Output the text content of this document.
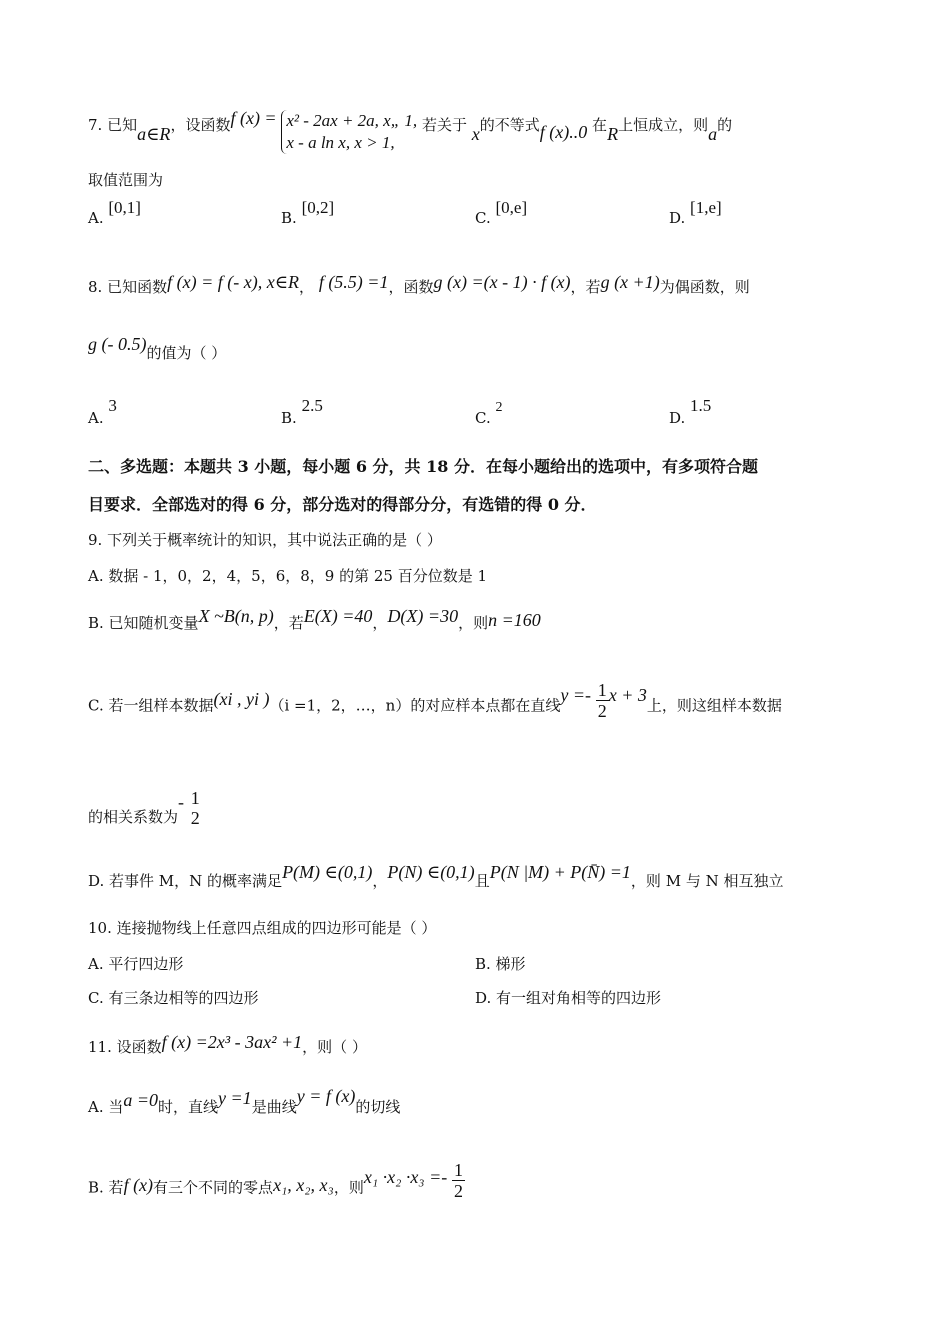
7. 已知a∈R，设函数f (x) = x² - 2ax + 2a, x„ 1,
x - a ln x, x > 1,
若关于 x的不等式f (x)..0 在R上恒成立，则a的
取值范围为
A. [0,1]
B. [0,2]
C. [0,e]
D. [1,e]
8. 已知函数f (x) = f (- x), x∈R， f (5.5) =1，函数g (x) =(x - 1) · f (x)，若g (x +1)为偶函数，则
g (- 0.5)的值为（ ）
A. 3
B. 2.5
C. 2
D. 1.5
二、多选题：本题共 3 小题，每小题 6 分，共 18 分．在每小题给出的选项中，有多项符合题
目要求．全部选对的得 6 分，部分选对的得部分分，有选错的得 0 分．
9. 下列关于概率统计的知识，其中说法正确的是（ ）
A. 数据 - 1，0，2，4，5，6，8，9 的第 25 百分位数是 1
B. 已知随机变量X ~B(n, p)，若E(X) =40，D(X) =30，则n =160
C. 若一组样本数据(xi , yi )（i =1，2，…，n）的对应样本点都在直线$y =- \frac{1}{2}$ x + 3上，则这组样本数据
的相关系数为- 1
2
D. 若事件 M，N 的概率满足P(M) ∈(0,1)，P(N) ∈(0,1)且P(N |M) + P(N̄) =1，则 M 与 N 相互独立
10. 连接抛物线上任意四点组成的四边形可能是（ ）
A. 平行四边形	B. 梯形
C. 有三条边相等的四边形	D. 有一组对角相等的四边形
11. 设函数f (x) =2x³ - 3ax² +1，则（ ）
A. 当a =0时，直线y =1是曲线y = f (x)的切线
B. 若f (x)有三个不同的零点x₁, x₂, x₃，则$x_1 \cdot x_2 \cdot x_3 =- \frac{1}{2}$
